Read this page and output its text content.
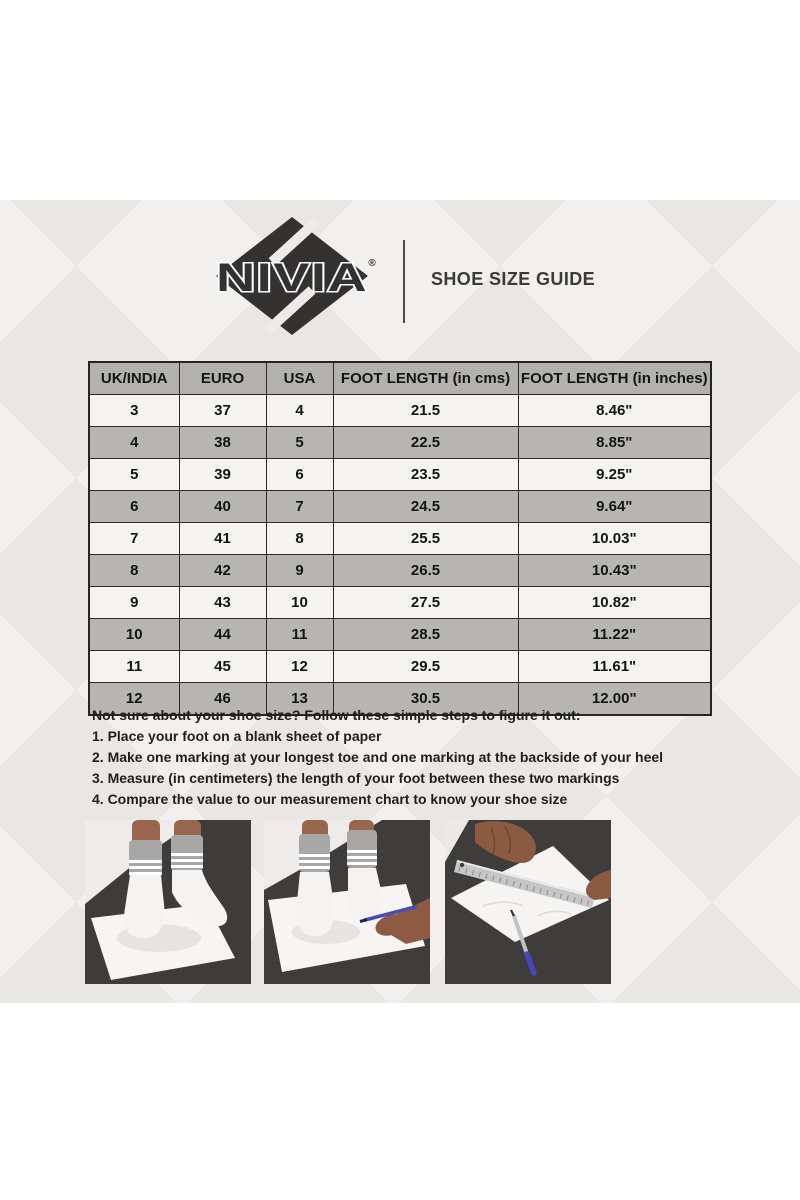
NIVIA ®
SHOE SIZE GUIDE
UK/INDIA	EURO	USA	FOOT LENGTH (in cms)	FOOT LENGTH (in inches)
3	37	4	21.5	8.46"
4	38	5	22.5	8.85"
5	39	6	23.5	9.25"
6	40	7	24.5	9.64"
7	41	8	25.5	10.03"
8	42	9	26.5	10.43"
9	43	10	27.5	10.82"
10	44	11	28.5	11.22"
11	45	12	29.5	11.61"
12	46	13	30.5	12.00"

Not sure about your shoe size? Follow these simple steps to figure it out:

1. Place your foot on a blank sheet of paper

2. Make one marking at your longest toe and one marking at the backside of your heel

3. Measure (in centimeters) the length of your foot between these two markings

4. Compare the value to our measurement chart to know your shoe size
